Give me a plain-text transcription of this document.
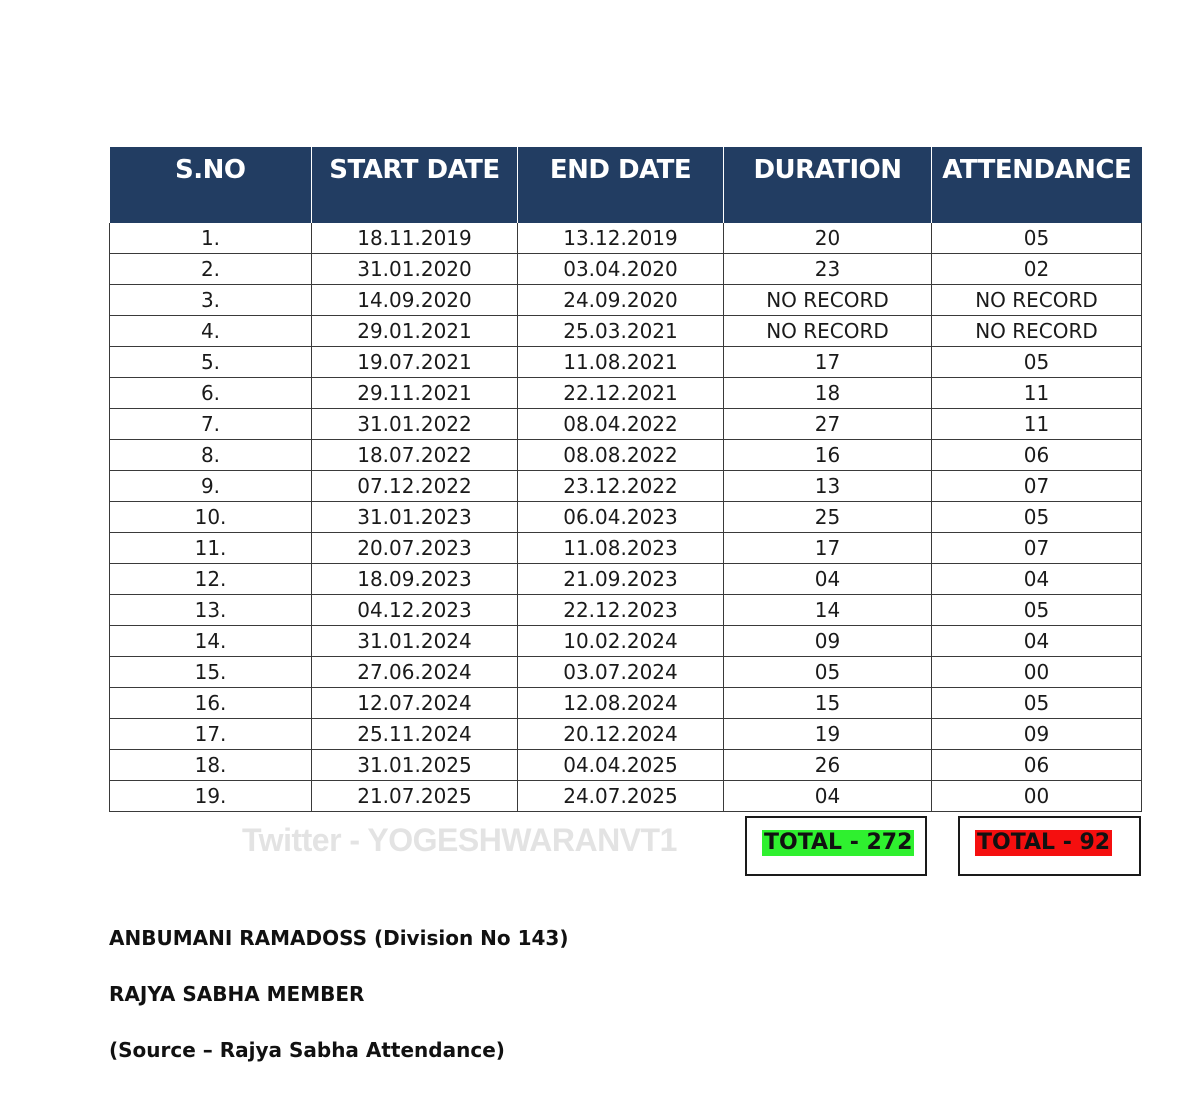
S.NO	START DATE	END DATE	DURATION	ATTENDANCE
1.	18.11.2019	13.12.2019	20	05
2.	31.01.2020	03.04.2020	23	02
3.	14.09.2020	24.09.2020	NO RECORD	NO RECORD
4.	29.01.2021	25.03.2021	NO RECORD	NO RECORD
5.	19.07.2021	11.08.2021	17	05
6.	29.11.2021	22.12.2021	18	11
7.	31.01.2022	08.04.2022	27	11
8.	18.07.2022	08.08.2022	16	06
9.	07.12.2022	23.12.2022	13	07
10.	31.01.2023	06.04.2023	25	05
11.	20.07.2023	11.08.2023	17	07
12.	18.09.2023	21.09.2023	04	04
13.	04.12.2023	22.12.2023	14	05
14.	31.01.2024	10.02.2024	09	04
15.	27.06.2024	03.07.2024	05	00
16.	12.07.2024	12.08.2024	15	05
17.	25.11.2024	20.12.2024	19	09
18.	31.01.2025	04.04.2025	26	06
19.	21.07.2025	24.07.2025	04	00
Twitter - YOGESHWARANVT1	TOTAL - 272	TOTAL - 92
ANBUMANI RAMADOSS (Division No 143)
RAJYA SABHA MEMBER
(Source – Rajya Sabha Attendance)
